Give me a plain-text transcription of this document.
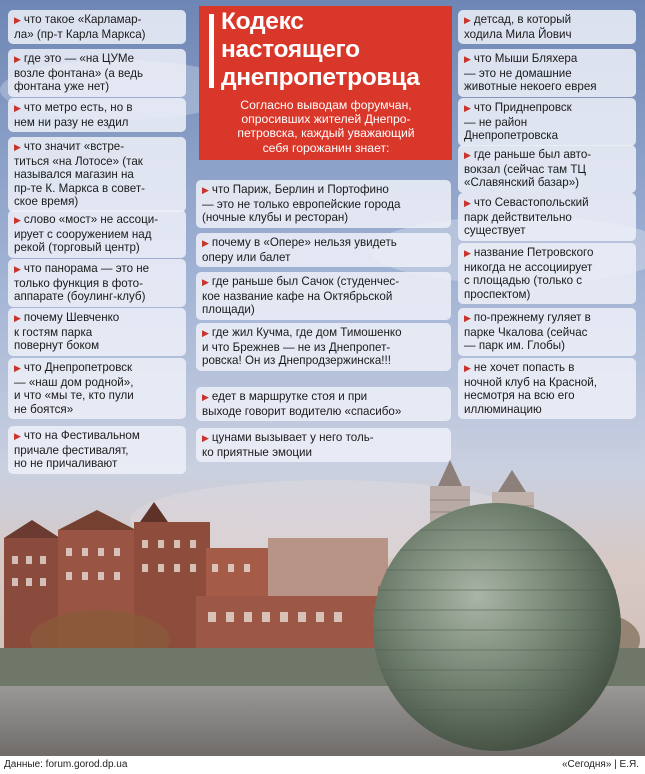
▶ что такое «Карламар-
ла» (пр-т Карла Маркса)
▶ где это — «на ЦУМе
возле фонтана» (а ведь
фонтана уже нет)
▶ что метро есть, но в
нем ни разу не ездил
▶ что значит «встре-
титься «на Лотосе» (так
назывался магазин на
пр-те К. Маркса в совет-
ское время)
▶ слово «мост» не ассоци-
ирует с сооружением над
рекой (торговый центр)
▶ что панорама — это не
только функция в фото-
аппарате (боулинг-клуб)
▶ почему Шевченко
к гостям парка
повернут боком
▶ что Днепропетровск
— «наш дом родной»,
и что «мы те, кто пули
не боятся»
▶ что на Фестивальном
причале фестивалят,
но не причаливают
▶ что Париж, Берлин и Портофино
— это не только европейские города
(ночные клубы и ресторан)
▶ почему в «Опере» нельзя увидеть
оперу или балет
▶ где раньше был Сачок (студенчес-
кое название кафе на Октябрьской
площади)
▶ где жил Кучма, где дом Тимошенко
и что Брежнев — не из Днепропет-
ровска! Он из Днепродзержинска!!!
▶ едет в маршрутке стоя и при
выходе говорит водителю «спасибо»
▶ цунами вызывает у него толь-
ко приятные эмоции
▶ детсад, в который
ходила Мила Йович
▶ что Мыши Бляхера
— это не домашние
животные некоего еврея
▶ что Приднепровск
— не район
Днепропетровска
▶ где раньше был авто-
вокзал (сейчас там ТЦ
«Славянский базар»)
▶ что Севастопольский
парк действительно
существует
▶ название Петровского
никогда не ассоциирует
с площадью (только с
проспектом)
▶ по-прежнему гуляет в
парке Чкалова (сейчас
— парк им. Глобы)
▶ не хочет попасть в
ночной клуб на Красной,
несмотря на всю его
иллюминацию
Кодекс
настоящего
днепропетровца
Согласно выводам форумчан,
опросивших жителей Днепро-
петровска, каждый уважающий
себя горожанин знает:
Данные: forum.gorod.dp.ua	«Сегодня» | Е.Я.
